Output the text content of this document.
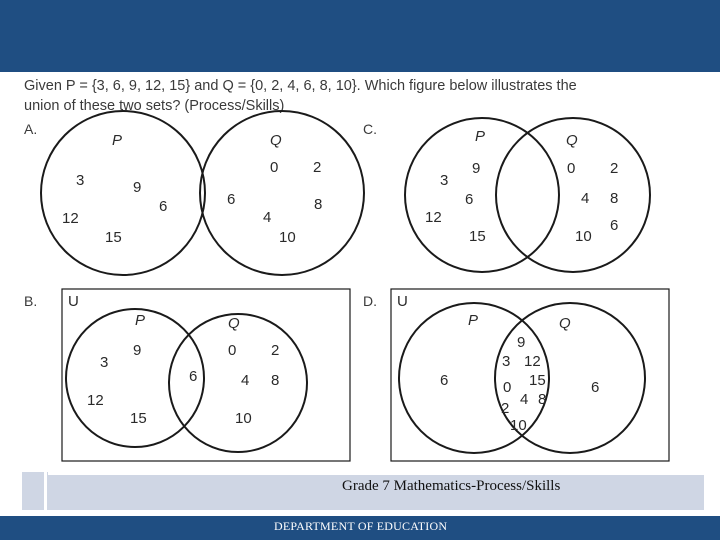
Given P = {3, 6, 9, 12, 15} and Q = {0, 2, 4, 6, 8, 10}. Which figure below illustrates the
union of these two sets? (Process/Skills)
A.	C.
B.	D.
P	Q
3	9
6
12
15
0 2
6	8
4
10
P	Q
9
3
6
12
15
0 2
4 8
6
10
U
P	Q
9
3
12
15
6
0 2
4 8
10
U
P	Q
6
9
3 12
15
0
2
4 8
10
6
Grade 7 Mathematics-Process/Skills
DEPARTMENT OF EDUCATION
